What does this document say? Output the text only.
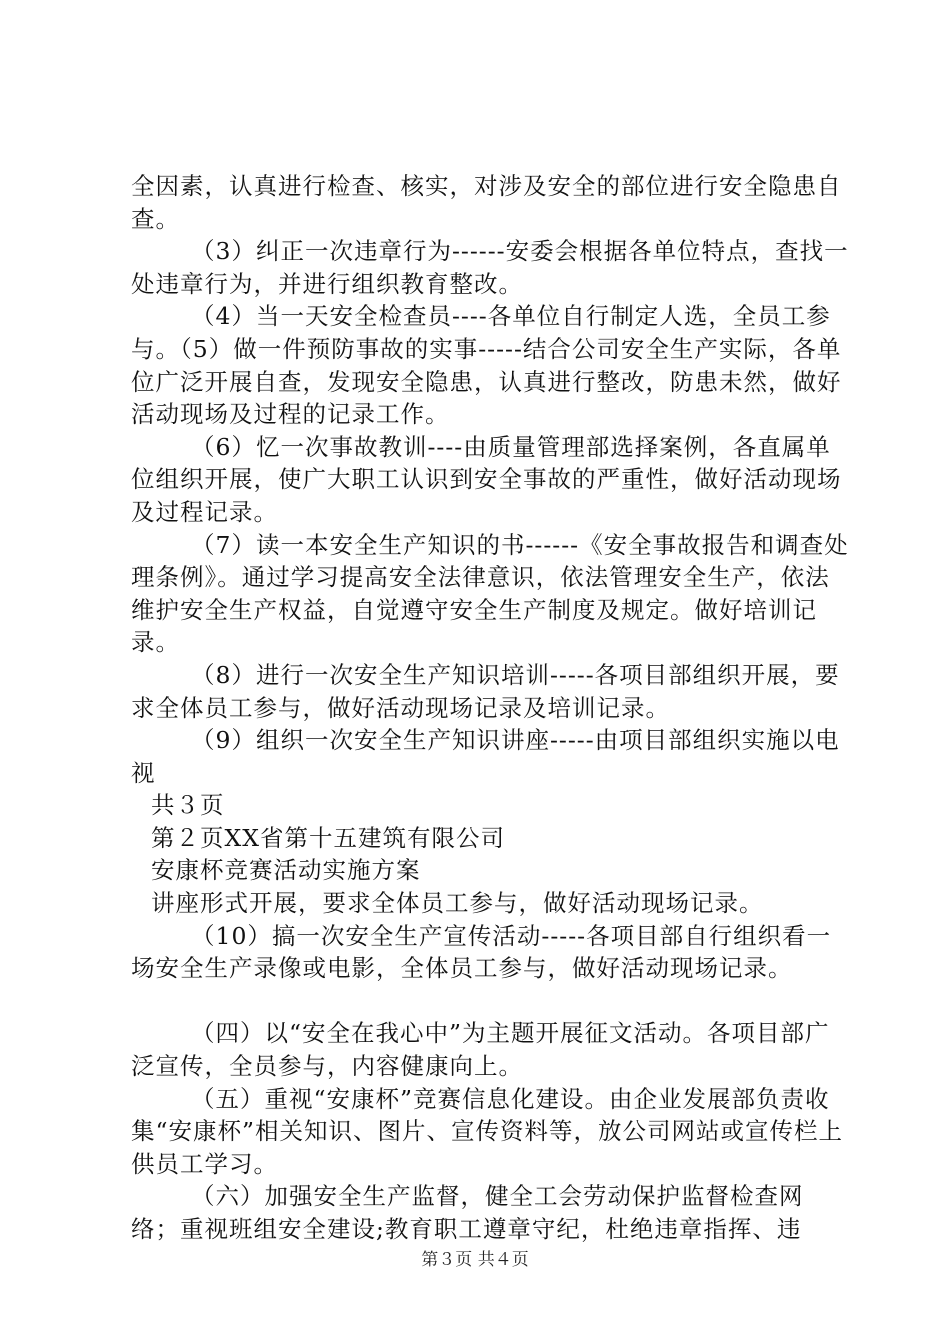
全因素，认真进行检查、核实，对涉及安全的部位进行安全隐患自查。

（3）纠正一次违章行为------安委会根据各单位特点，查找一处违章行为，并进行组织教育整改。

（4）当一天安全检查员----各单位自行制定人选，全员工参与。（5）做一件预防事故的实事-----结合公司安全生产实际，各单位广泛开展自查，发现安全隐患，认真进行整改，防患未然，做好活动现场及过程的记录工作。

（6）忆一次事故教训----由质量管理部选择案例，各直属单位组织开展，使广大职工认识到安全事故的严重性，做好活动现场及过程记录。

（7）读一本安全生产知识的书------《安全事故报告和调查处理条例》。通过学习提高安全法律意识，依法管理安全生产，依法维护安全生产权益，自觉遵守安全生产制度及规定。做好培训记录。

（8）进行一次安全生产知识培训-----各项目部组织开展，要求全体员工参与，做好活动现场记录及培训记录。

（9）组织一次安全生产知识讲座-----由项目部组织实施以电视

共３页

第２页XX省第十五建筑有限公司

安康杯竞赛活动实施方案

讲座形式开展，要求全体员工参与，做好活动现场记录。

（10）搞一次安全生产宣传活动-----各项目部自行组织看一场安全生产录像或电影，全体员工参与，做好活动现场记录。

（四）以“安全在我心中”为主题开展征文活动。各项目部广泛宣传，全员参与，内容健康向上。

（五）重视“安康杯”竞赛信息化建设。由企业发展部负责收集“安康杯”相关知识、图片、宣传资料等，放公司网站或宣传栏上供员工学习。

（六）加强安全生产监督，健全工会劳动保护监督检查网络；重视班组安全建设;教育职工遵章守纪，杜绝违章指挥、违

第３页 共４页
